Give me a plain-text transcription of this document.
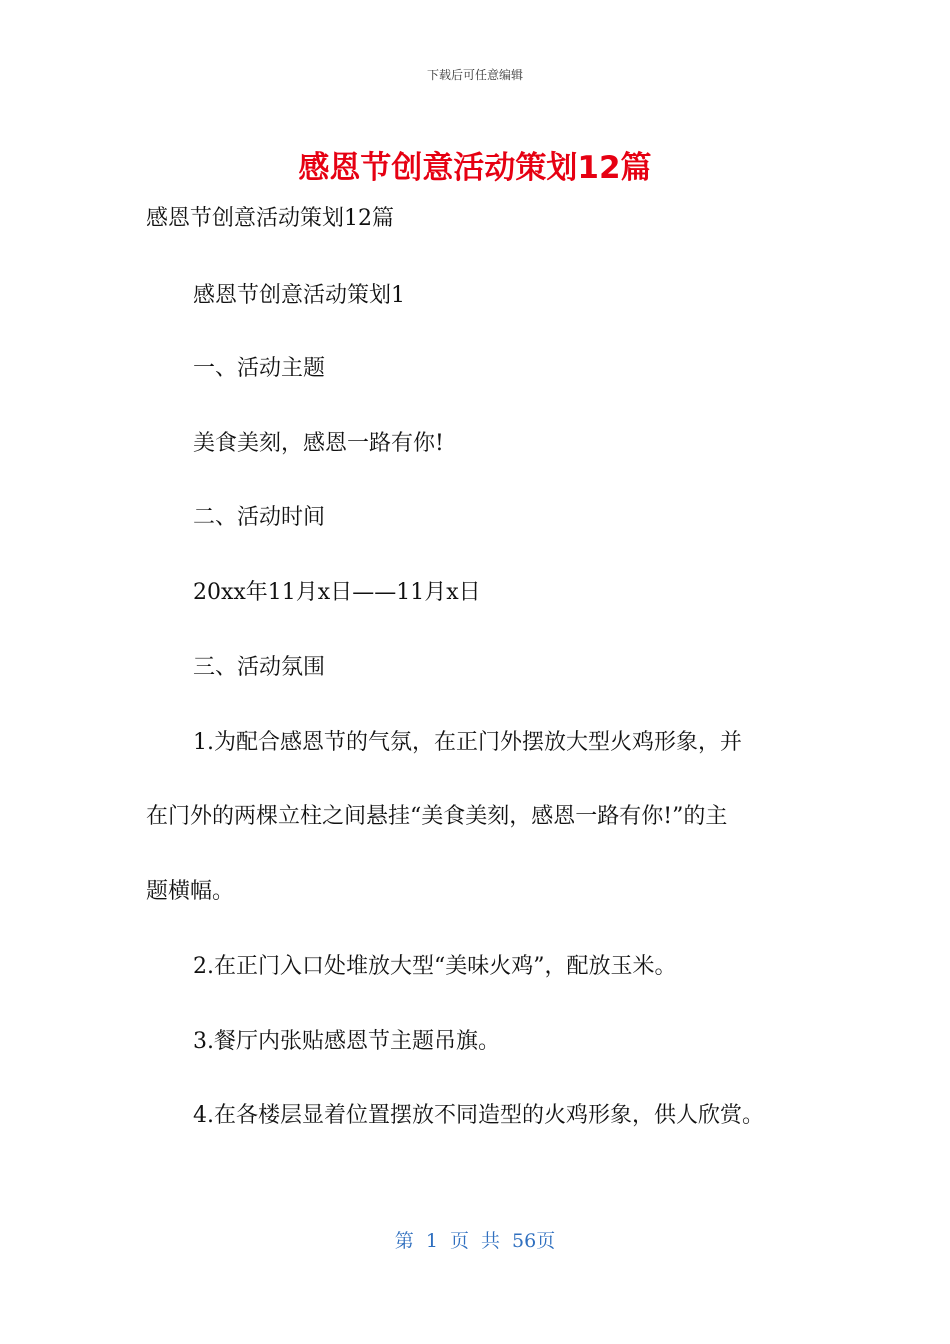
下载后可任意编辑
感恩节创意活动策划12篇
感恩节创意活动策划12篇
感恩节创意活动策划1
一、活动主题
美食美刻，感恩一路有你!
二、活动时间
20xx年11月x日——11月x日
三、活动氛围
1.为配合感恩节的气氛，在正门外摆放大型火鸡形象，并
在门外的两棵立柱之间悬挂“美食美刻，感恩一路有你!”的主
题横幅。
2.在正门入口处堆放大型“美味火鸡”，配放玉米。
3.餐厅内张贴感恩节主题吊旗。
4.在各楼层显着位置摆放不同造型的火鸡形象，供人欣赏。
第 1 页 共 56页
